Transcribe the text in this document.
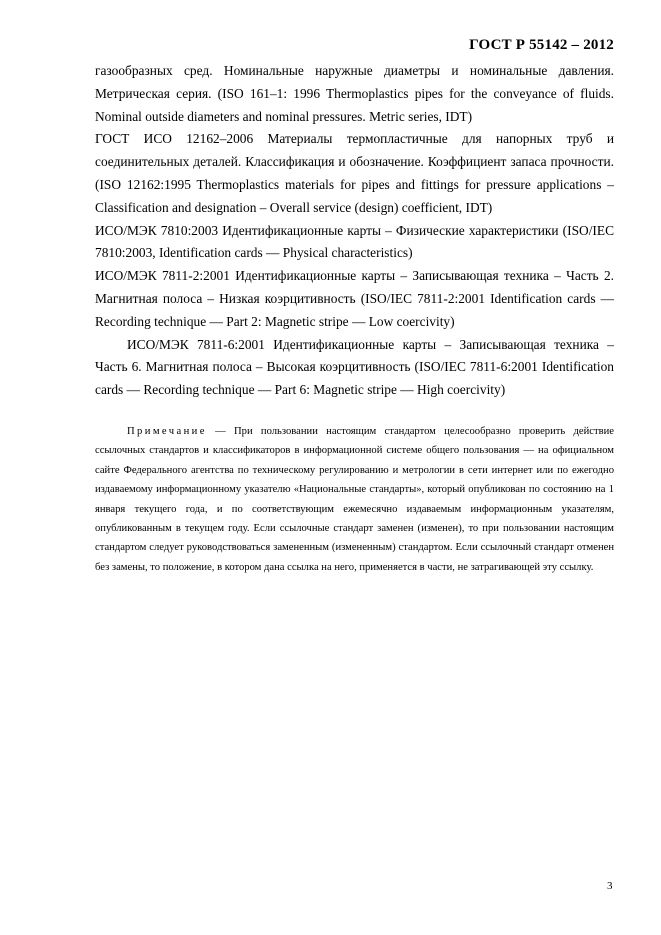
ГОСТ Р 55142 – 2012

газообразных сред. Номинальные наружные диаметры и номинальные давления.
Метрическая серия. (ISO 161–1: 1996 Thermoplastics pipes for the conveyance of fluids. Nominal outside diameters and nominal pressures. Metric series, IDT)

ГОСТ ИСО 12162–2006 Материалы термопластичные для напорных труб и соединительных деталей. Классификация и обозначение. Коэффициент запаса прочности. (ISO 12162:1995 Thermoplastics materials for pipes and fittings for pressure applications – Classification and designation – Overall service (design) coefficient, IDT)

ИСО/МЭК 7810:2003 Идентификационные карты – Физические характеристики (ISO/IEC 7810:2003, Identification cards — Physical characteristics)

ИСО/МЭК 7811-2:2001 Идентификационные карты – Записывающая техника – Часть 2. Магнитная полоса – Низкая коэрцитивность (ISO/IEC 7811-2:2001 Identification cards — Recording technique — Part 2: Magnetic stripe — Low coercivity)

ИСО/МЭК 7811-6:2001 Идентификационные карты – Записывающая техника –
Часть 6. Магнитная полоса – Высокая коэрцитивность (ISO/IEC 7811-6:2001 Identification cards — Recording technique — Part 6: Magnetic stripe — High coercivity)

Примечание — При пользовании настоящим стандартом целесообразно проверить действие ссылочных стандартов и классификаторов в информационной системе общего пользования — на официальном сайте Федерального агентства по техническому регулированию и метрологии в сети интернет или по ежегодно издаваемому информационному указателю «Национальные стандарты», который опубликован по состоянию на 1 января текущего года, и по соответствующим ежемесячно издаваемым информационным указателям, опубликованным в текущем году. Если ссылочные стандарт заменен (изменен), то при пользовании настоящим стандартом следует руководствоваться замененным (измененным) стандартом. Если ссылочный стандарт отменен без замены, то положение, в котором дана ссылка на него, применяется в части, не затрагивающей эту ссылку.

3
